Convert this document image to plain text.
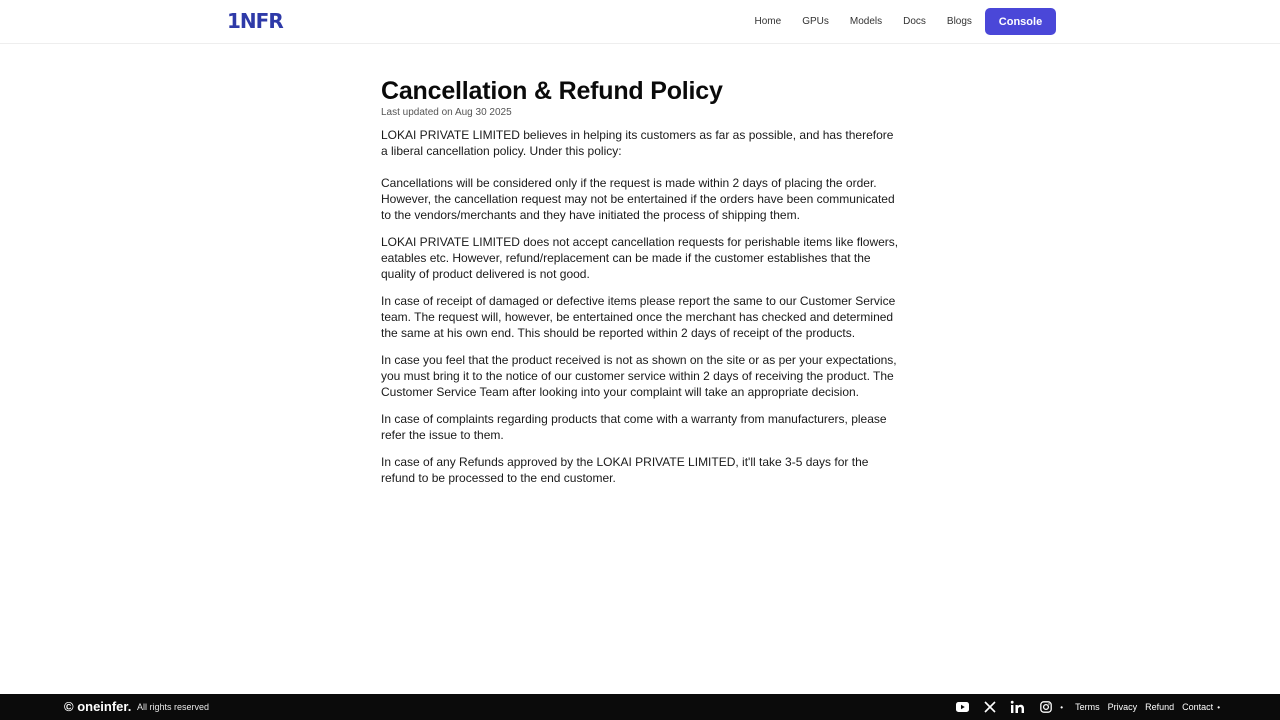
1NFR	Home GPUs Models Docs Blogs	Console
Cancellation & Refund Policy
Last updated on Aug 30 2025

LOKAI PRIVATE LIMITED believes in helping its customers as far as possible, and has therefore a liberal cancellation policy. Under this policy:

Cancellations will be considered only if the request is made within 2 days of placing the order. However, the cancellation request may not be entertained if the orders have been communicated to the vendors/merchants and they have initiated the process of shipping them.

LOKAI PRIVATE LIMITED does not accept cancellation requests for perishable items like flowers, eatables etc. However, refund/replacement can be made if the customer establishes that the quality of product delivered is not good.

In case of receipt of damaged or defective items please report the same to our Customer Service team. The request will, however, be entertained once the merchant has checked and determined the same at his own end. This should be reported within 2 days of receipt of the products.

In case you feel that the product received is not as shown on the site or as per your expectations, you must bring it to the notice of our customer service within 2 days of receiving the product. The Customer Service Team after looking into your complaint will take an appropriate decision.

In case of complaints regarding products that come with a warranty from manufacturers, please refer the issue to them.

In case of any Refunds approved by the LOKAI PRIVATE LIMITED, it'll take 3-5 days for the refund to be processed to the end customer.

© oneinfer. All rights reserved	• Terms Privacy Refund Contact •
